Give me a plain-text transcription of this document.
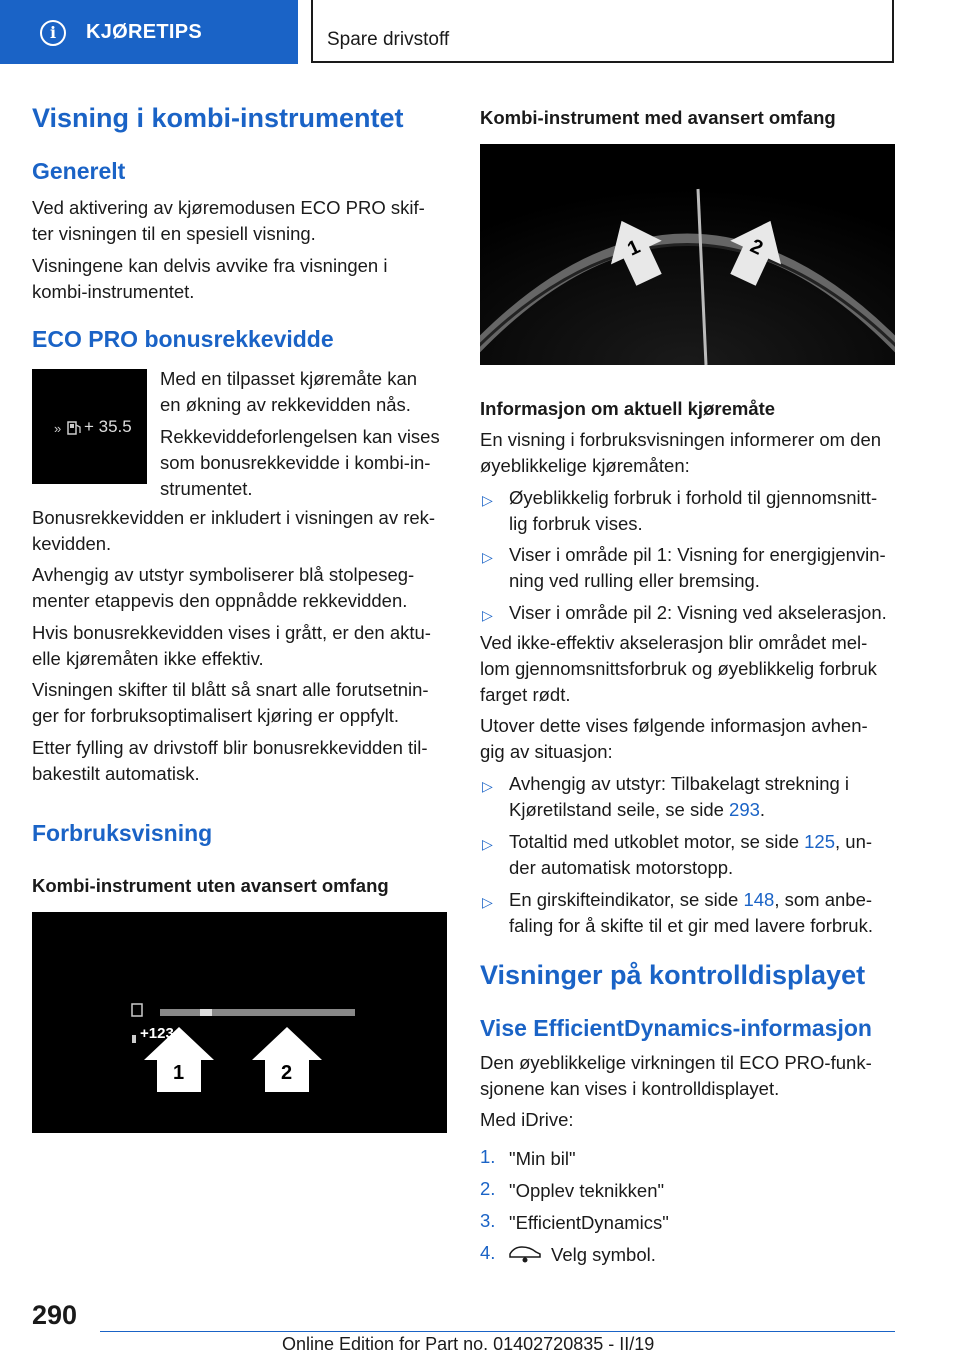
i	KJØRETIPS	Spare drivstoff
Visning i kombi-instrumentet
Generelt
Ved aktivering av kjøremodusen ECO PRO skif-
ter visningen til en spesiell visning.
Visningene kan delvis avvike fra visningen i
kombi-instrumentet.
ECO PRO bonusrekkevidde
» + 35.5
Med en tilpasset kjøremåte kan
en økning av rekkevidden nås.
Rekkeviddeforlengelsen kan vises
som bonusrekkevidde i kombi-in-
strumentet.
Bonusrekkevidden er inkludert i visningen av rek-
kevidden.
Avhengig av utstyr symboliserer blå stolpeseg-
menter etappevis den oppnådde rekkevidden.
Hvis bonusrekkevidden vises i grått, er den aktu-
elle kjøremåten ikke effektiv.
Visningen skifter til blått så snart alle forutsetnin-
ger for forbruksoptimalisert kjøring er oppfylt.
Etter fylling av drivstoff blir bonusrekkevidden til-
bakestilt automatisk.
Forbruksvisning
Kombi-instrument uten avansert omfang
+123
1	2
Kombi-instrument med avansert omfang
1	2
Informasjon om aktuell kjøremåte
En visning i forbruksvisningen informerer om den
øyeblikkelige kjøremåten:
▷ Øyeblikkelig forbruk i forhold til gjennomsnitt-
lig forbruk vises.
▷ Viser i område pil 1: Visning for energigjenvin-
ning ved rulling eller bremsing.
▷ Viser i område pil 2: Visning ved akselerasjon.
Ved ikke-effektiv akselerasjon blir området mel-
lom gjennomsnittsforbruk og øyeblikkelig forbruk
farget rødt.
Utover dette vises følgende informasjon avhen-
gig av situasjon:
▷ Avhengig av utstyr: Tilbakelagt strekning i
Kjøretilstand seile, se side 293.
▷ Totaltid med utkoblet motor, se side 125, un-
der automatisk motorstopp.
▷ En girskifteindikator, se side 148, som anbe-
faling for å skifte til et gir med lavere forbruk.
Visninger på kontrolldisplayet
Vise EfficientDynamics-informasjon
Den øyeblikkelige virkningen til ECO PRO-funk-
sjonene kan vises i kontrolldisplayet.
Med iDrive:
1. "Min bil"
2. "Opplev teknikken"
3. "EfficientDynamics"
4.	Velg symbol.
290
Online Edition for Part no. 01402720835 - II/19
